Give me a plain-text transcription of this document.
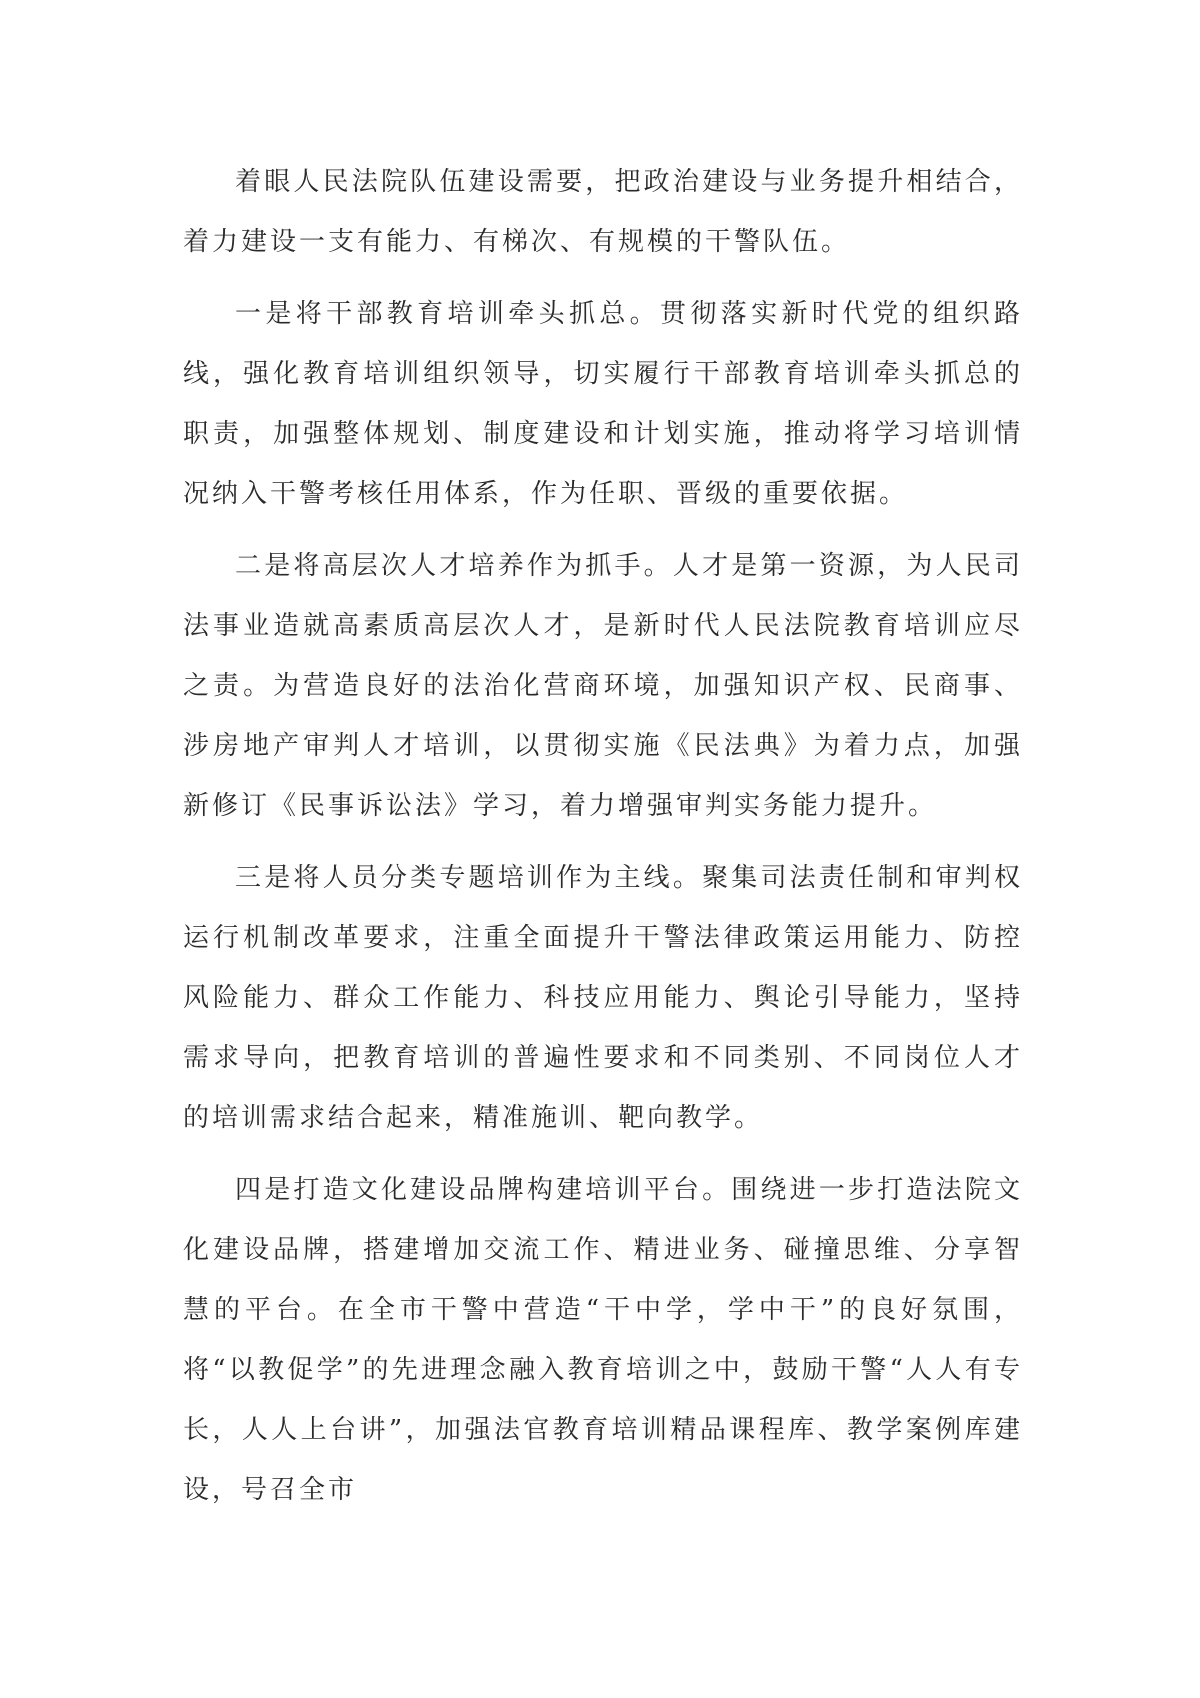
着眼人民法院队伍建设需要，把政治建设与业务提升相结合，着力建设一支有能力、有梯次、有规模的干警队伍。

一是将干部教育培训牵头抓总。贯彻落实新时代党的组织路线，强化教育培训组织领导，切实履行干部教育培训牵头抓总的职责，加强整体规划、制度建设和计划实施，推动将学习培训情况纳入干警考核任用体系，作为任职、晋级的重要依据。

二是将高层次人才培养作为抓手。人才是第一资源，为人民司法事业造就高素质高层次人才，是新时代人民法院教育培训应尽之责。为营造良好的法治化营商环境，加强知识产权、民商事、涉房地产审判人才培训，以贯彻实施《民法典》为着力点，加强新修订《民事诉讼法》学习，着力增强审判实务能力提升。

三是将人员分类专题培训作为主线。聚集司法责任制和审判权运行机制改革要求，注重全面提升干警法律政策运用能力、防控风险能力、群众工作能力、科技应用能力、舆论引导能力，坚持需求导向，把教育培训的普遍性要求和不同类别、不同岗位人才的培训需求结合起来，精准施训、靶向教学。

四是打造文化建设品牌构建培训平台。围绕进一步打造法院文化建设品牌，搭建增加交流工作、精进业务、碰撞思维、分享智慧的平台。在全市干警中营造“干中学，学中干”的良好氛围，将“以教促学”的先进理念融入教育培训之中，鼓励干警“人人有专长，人人上台讲”，加强法官教育培训精品课程库、教学案例库建设，号召全市
